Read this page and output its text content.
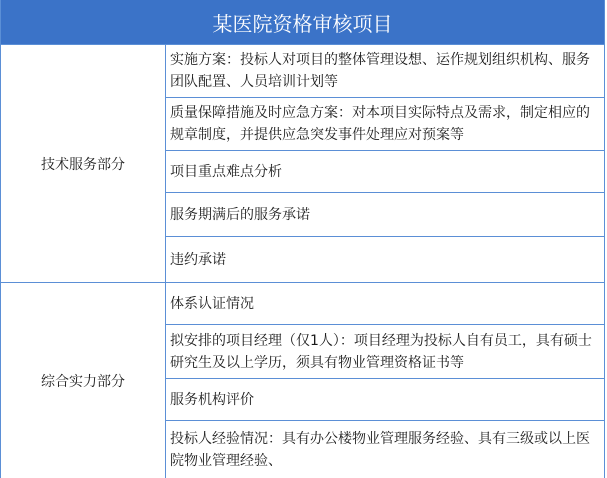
某医院资格审核项目
技术服务部分
实施方案：投标人对项目的整体管理设想、运作规划组织机构、服务团队配置、人员培训计划等
质量保障措施及时应急方案：对本项目实际特点及需求，制定相应的规章制度，并提供应急突发事件处理应对预案等
项目重点难点分析
服务期满后的服务承诺
违约承诺
综合实力部分
体系认证情况
拟安排的项目经理（仅1人）：项目经理为投标人自有员工，具有硕士研究生及以上学历，须具有物业管理资格证书等
服务机构评价
投标人经验情况：具有办公楼物业管理服务经验、具有三级或以上医院物业管理经验、
